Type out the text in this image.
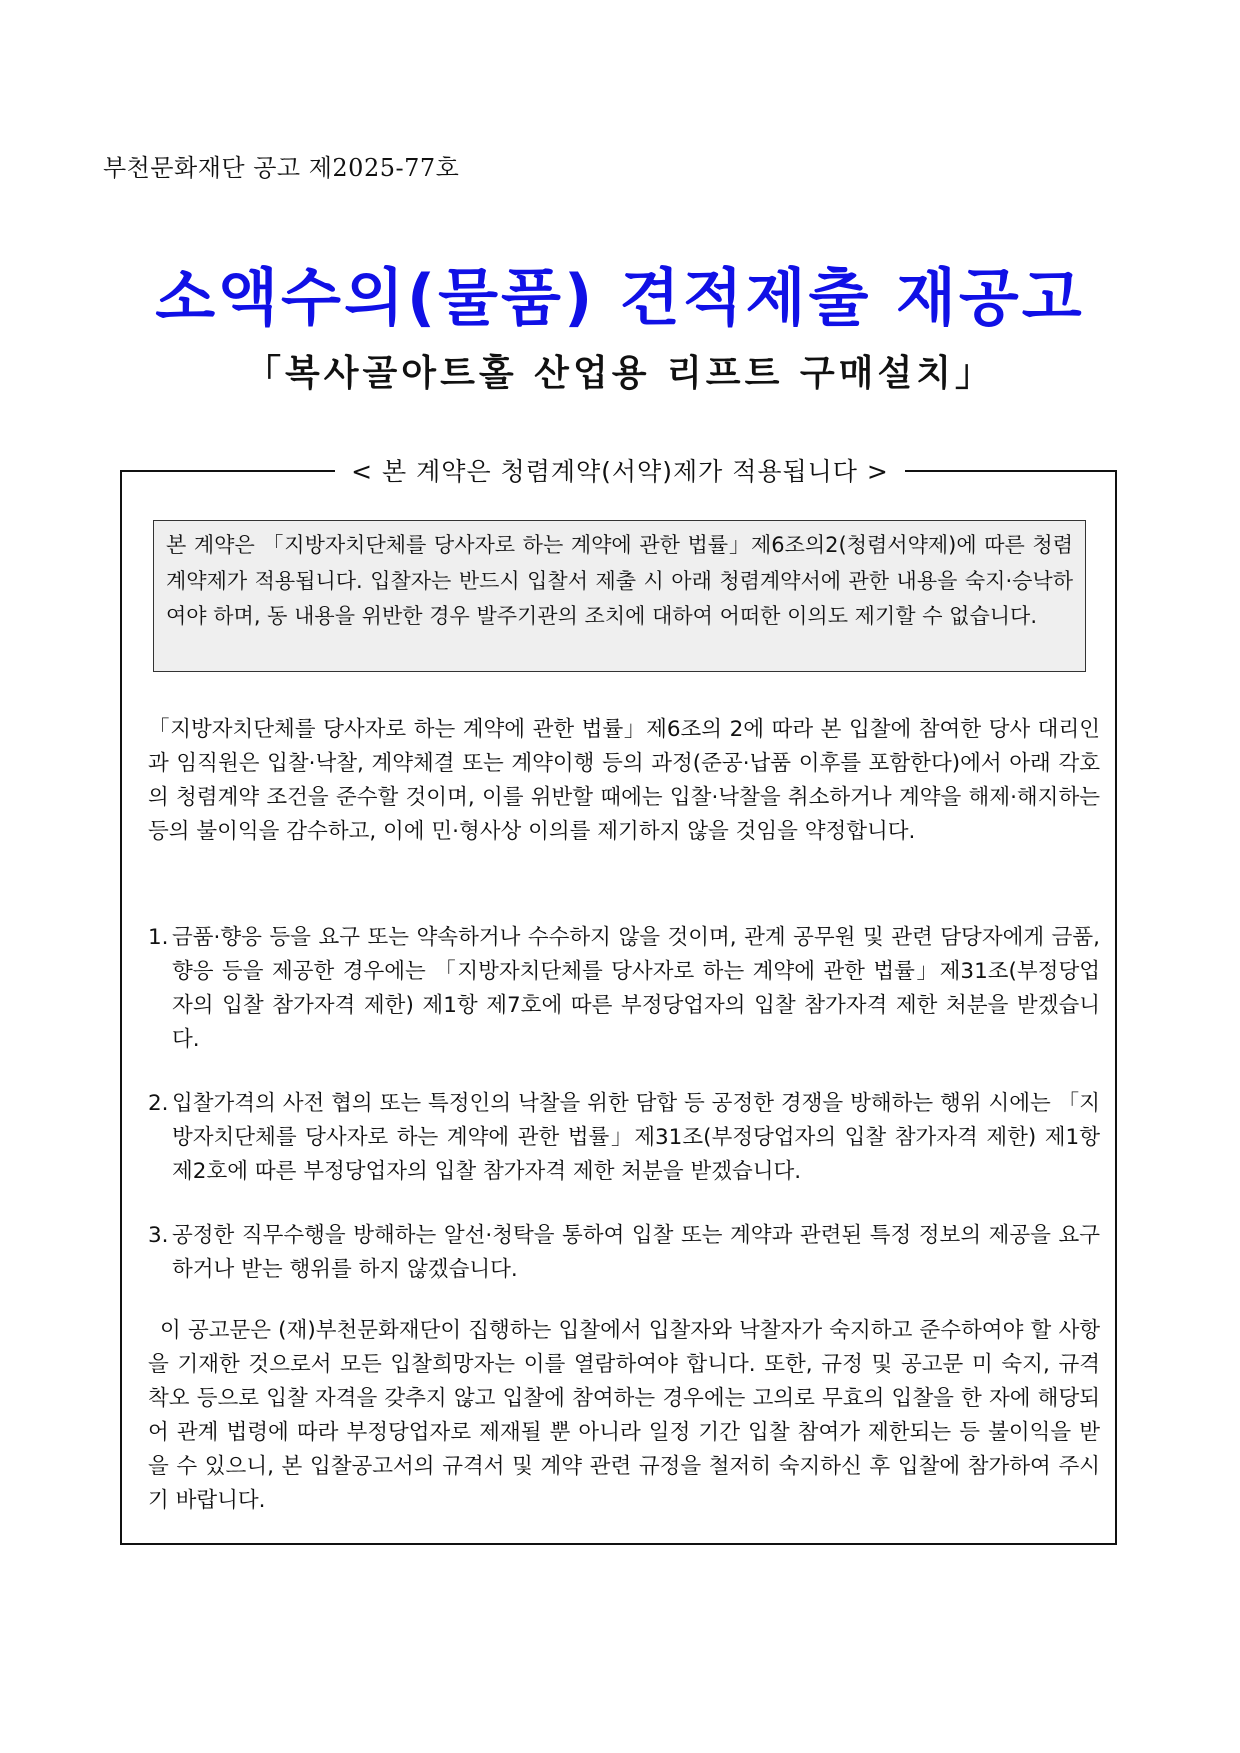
부천문화재단 공고 제2025-77호
소액수의(물품) 견적제출 재공고
「복사골아트홀 산업용 리프트 구매설치」
< 본 계약은 청렴계약(서약)제가 적용됩니다 >
본 계약은 「지방자치단체를 당사자로 하는 계약에 관한 법률」제6조의2(청렴서약제)에 따른 청렴계약제가 적용됩니다. 입찰자는 반드시 입찰서 제출 시 아래 청렴계약서에 관한 내용을 숙지·승낙하여야 하며, 동 내용을 위반한 경우 발주기관의 조치에 대하여 어떠한 이의도 제기할 수 없습니다.
「지방자치단체를 당사자로 하는 계약에 관한 법률」제6조의 2에 따라 본 입찰에 참여한 당사 대리인과 임직원은 입찰·낙찰, 계약체결 또는 계약이행 등의 과정(준공·납품 이후를 포함한다)에서 아래 각호의 청렴계약 조건을 준수할 것이며, 이를 위반할 때에는 입찰·낙찰을 취소하거나 계약을 해제·해지하는 등의 불이익을 감수하고, 이에 민·형사상 이의를 제기하지 않을 것임을 약정합니다.
1. 금품·향응 등을 요구 또는 약속하거나 수수하지 않을 것이며, 관계 공무원 및 관련 담당자에게 금품, 향응 등을 제공한 경우에는 「지방자치단체를 당사자로 하는 계약에 관한 법률」제31조(부정당업자의 입찰 참가자격 제한) 제1항 제7호에 따른 부정당업자의 입찰 참가자격 제한 처분을 받겠습니다.
2. 입찰가격의 사전 협의 또는 특정인의 낙찰을 위한 담합 등 공정한 경쟁을 방해하는 행위 시에는 「지방자치단체를 당사자로 하는 계약에 관한 법률」제31조(부정당업자의 입찰 참가자격 제한) 제1항 제2호에 따른 부정당업자의 입찰 참가자격 제한 처분을 받겠습니다.
3. 공정한 직무수행을 방해하는 알선·청탁을 통하여 입찰 또는 계약과 관련된 특정 정보의 제공을 요구하거나 받는 행위를 하지 않겠습니다.
이 공고문은 (재)부천문화재단이 집행하는 입찰에서 입찰자와 낙찰자가 숙지하고 준수하여야 할 사항을 기재한 것으로서 모든 입찰희망자는 이를 열람하여야 합니다. 또한, 규정 및 공고문 미 숙지, 규격 착오 등으로 입찰 자격을 갖추지 않고 입찰에 참여하는 경우에는 고의로 무효의 입찰을 한 자에 해당되어 관계 법령에 따라 부정당업자로 제재될 뿐 아니라 일정 기간 입찰 참여가 제한되는 등 불이익을 받을 수 있으니, 본 입찰공고서의 규격서 및 계약 관련 규정을 철저히 숙지하신 후 입찰에 참가하여 주시기 바랍니다.
